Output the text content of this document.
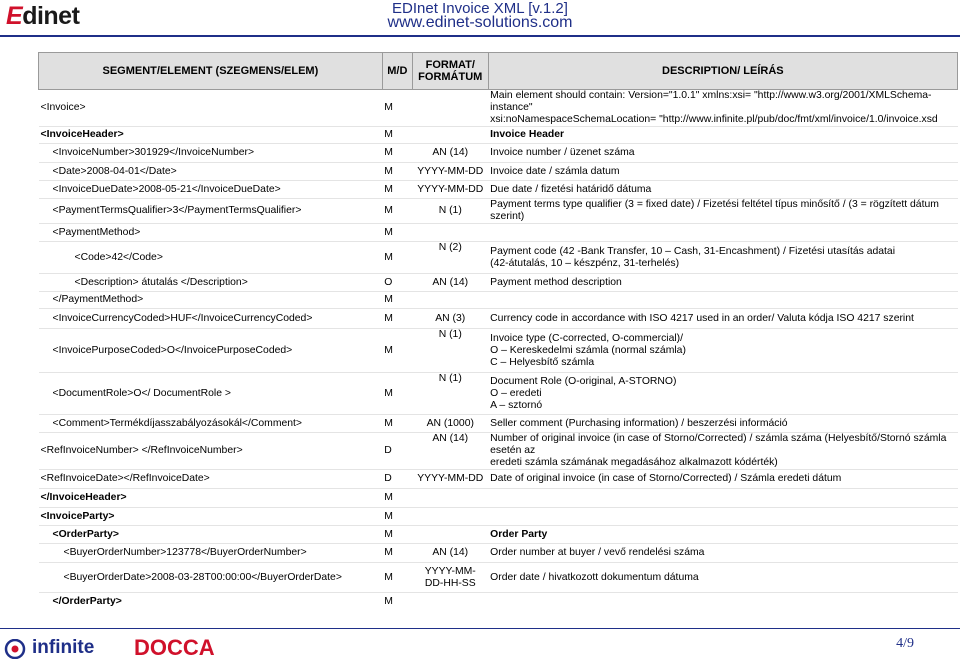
Edinet	EDInet Invoice XML [v.1.2]
www.edinet-solutions.com
SEGMENT/ELEMENT (SZEGMENS/ELEM)	M/D	FORMAT/
FORMÁTUM	DESCRIPTION/ LEÍRÁS
<Invoice>	M		Main element should contain: Version="1.0.1" xmlns:xsi= "http://www.w3.org/2001/XMLSchema-instance"
xsi:noNamespaceSchemaLocation= "http://www.infinite.pl/pub/doc/fmt/xml/invoice/1.0/invoice.xsd
<InvoiceHeader>	M		Invoice Header
<InvoiceNumber>301929</InvoiceNumber>	M	AN (14)	Invoice number / üzenet száma
<Date>2008-04-01</Date>	M	YYYY-MM-DD	Invoice date / számla datum
<InvoiceDueDate>2008-05-21</InvoiceDueDate>	M	YYYY-MM-DD	Due date / fizetési határidő dátuma
<PaymentTermsQualifier>3</PaymentTermsQualifier>	M	N (1)	Payment terms type qualifier (3 = fixed date) / Fizetési feltétel típus minősítő / (3 = rögzített dátum szerint)
<PaymentMethod>	M		
<Code>42</Code>	M	N (2)	Payment code (42 -Bank Transfer, 10 – Cash, 31-Encashment) / Fizetési utasítás adatai
(42-átutalás, 10 – készpénz, 31-terhelés)
<Description> átutalás </Description>	O	AN (14)	Payment method description
</PaymentMethod>	M		
<InvoiceCurrencyCoded>HUF</InvoiceCurrencyCoded>	M	AN (3)	Currency code in accordance with ISO 4217 used in an order/ Valuta kódja ISO 4217 szerint
<InvoicePurposeCoded>O</InvoicePurposeCoded>	M	N (1)	Invoice type (C-corrected, O-commercial)/
O – Kereskedelmi számla (normal számla)
C – Helyesbítő számla
<DocumentRole>O</ DocumentRole >	M	N (1)	Document Role (O-original, A-STORNO)
O – eredeti
A – sztornó
<Comment>Termékdíjasszabályozásokál</Comment>	M	AN (1000)	Seller comment (Purchasing information) / beszerzési információ
<RefInvoiceNumber> </RefInvoiceNumber>	D	AN (14)	Number of original invoice (in case of Storno/Corrected) / számla száma (Helyesbítő/Stornó számla esetén az
eredeti számla számának megadásához alkalmazott kódérték)
<RefInvoiceDate></RefInvoiceDate>	D	YYYY-MM-DD	Date of original invoice (in case of Storno/Corrected) / Számla eredeti dátum
</InvoiceHeader>	M		
<InvoiceParty>	M		
<OrderParty>	M		Order Party
<BuyerOrderNumber>123778</BuyerOrderNumber>	M	AN (14)	Order number at buyer / vevő rendelési száma
<BuyerOrderDate>2008-03-28T00:00:00</BuyerOrderDate>	M	YYYY-MM-
DD-HH-SS	Order date / hivatkozott dokumentum dátuma
</OrderParty>	M		
infinite DOCCA	4/9
